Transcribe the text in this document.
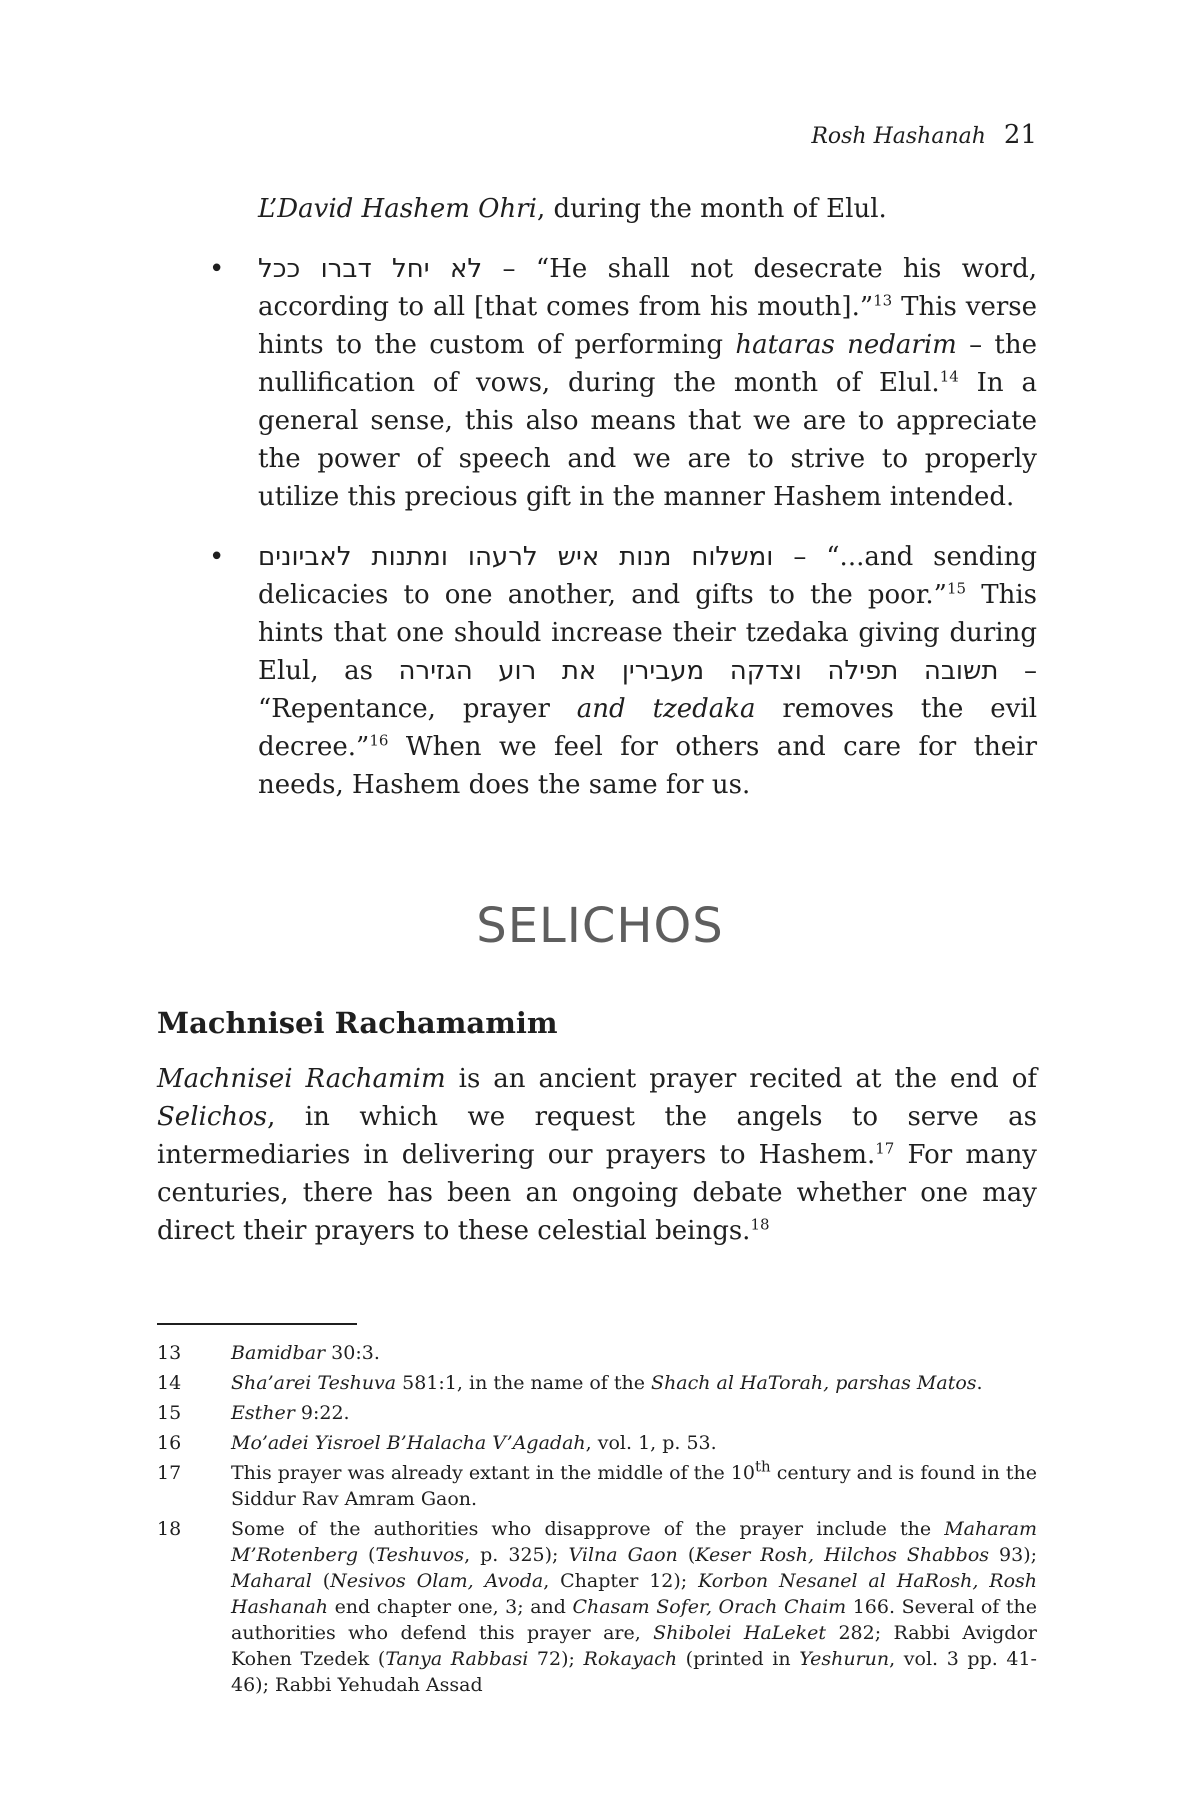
Rosh Hashanah 21

L’David Hashem Ohri, during the month of Elul.

• לא יחל דברו ככל – “He shall not desecrate his word, according to all [that comes from his mouth].”$^{13}$ This verse hints to the custom of performing hataras nedarim – the nullification of vows, during the month of Elul.$^{14}$ In a general sense, this also means that we are to appreciate the power of speech and we are to strive to properly utilize this precious gift in the manner Hashem intended.

• ומשלוח מנות איש לרעהו ומתנות לאביונים – “...and sending delicacies to one another, and gifts to the poor.”$^{15}$ This hints that one should increase their tzedaka giving during Elul, as תשובה תפילה וצדקה מעבירין את רוע הגזירה – “Repentance, prayer and tzedaka removes the evil decree.”$^{16}$ When we feel for others and care for their needs, Hashem does the same for us.

SELICHOS
Machnisei Rachamamim

Machnisei Rachamim is an ancient prayer recited at the end of Selichos, in which we request the angels to serve as intermediaries in delivering our prayers to Hashem.$^{17}$ For many centuries, there has been an ongoing debate whether one may direct their prayers to these celestial beings.$^{18}$

13	Bamidbar 30:3.
14	Sha’arei Teshuva 581:1, in the name of the Shach al HaTorah, parshas Matos.
15	Esther 9:22.
16	Mo’adei Yisroel B’Halacha V’Agadah, vol. 1, p. 53.
17	This prayer was already extant in the middle of the 10th century and is found in the Siddur Rav Amram Gaon.
18	Some of the authorities who disapprove of the prayer include the Maharam M’Rotenberg (Teshuvos, p. 325); Vilna Gaon (Keser Rosh, Hilchos Shabbos 93); Maharal (Nesivos Olam, Avoda, Chapter 12); Korbon Nesanel al HaRosh, Rosh Hashanah end chapter one, 3; and Chasam Sofer, Orach Chaim 166. Several of the authorities who defend this prayer are, Shibolei HaLeket 282; Rabbi Avigdor Kohen Tzedek (Tanya Rabbasi 72); Rokayach (printed in Yeshurun, vol. 3 pp. 41-46); Rabbi Yehudah Assad
